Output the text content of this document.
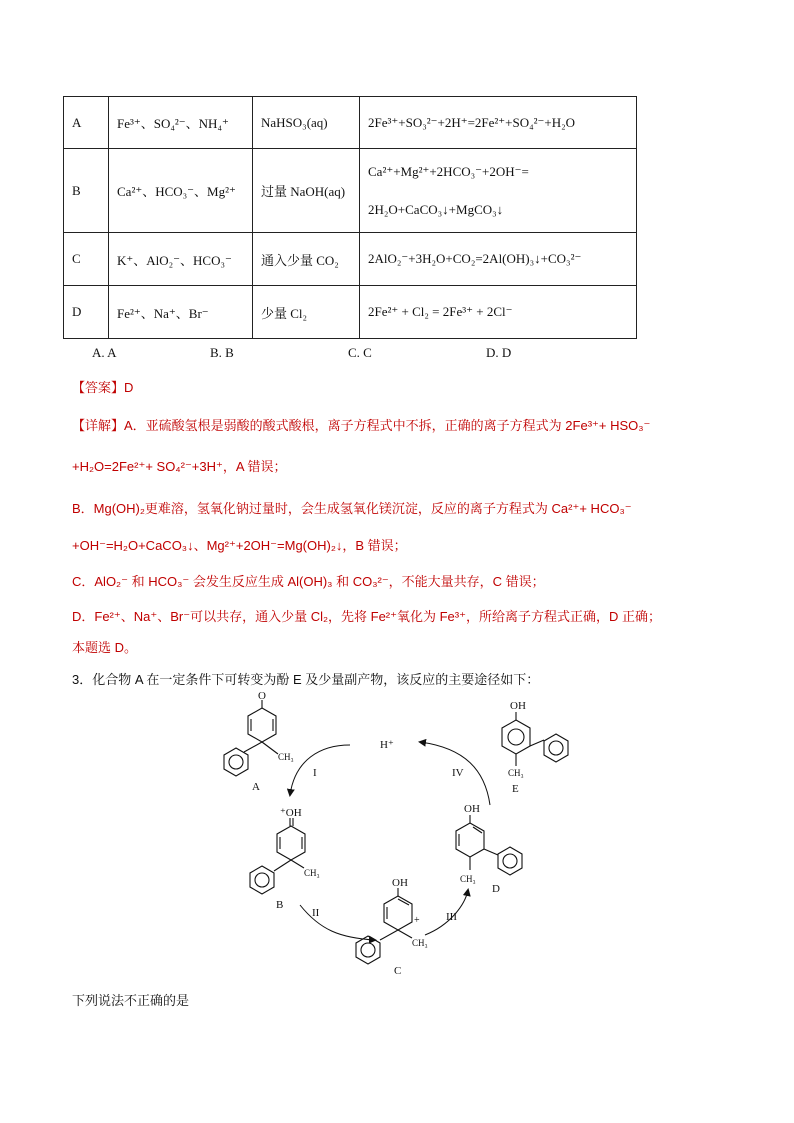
A	Fe³⁺、SO₄²⁻、NH₄⁺	NaHSO₃(aq)	2Fe³⁺+SO₃²⁻+2H⁺=2Fe²⁺+SO₄²⁻+H₂O
B	Ca²⁺、HCO₃⁻、Mg²⁺	过量 NaOH(aq)	Ca²⁺+Mg²⁺+2HCO₃⁻+2OH⁻=
2H₂O+CaCO₃↓+MgCO₃↓

C	K⁺、AlO₂⁻、HCO₃⁻	通入少量 CO₂	2AlO₂⁻+3H₂O+CO₂=2Al(OH)₃↓+CO₃²⁻
D	Fe²⁺、Na⁺、Br⁻	少量 Cl₂	2Fe²⁺ + Cl₂ = 2Fe³⁺ + 2Cl⁻
A. A	B. B	C. C	D. D
【答案】D
【详解】A．亚硫酸氢根是弱酸的酸式酸根，离子方程式中不拆，正确的离子方程式为 2Fe³⁺+ HSO₃⁻
+H₂O=2Fe²⁺+ SO₄²⁻+3H⁺，A 错误；
B．Mg(OH)₂更难溶，氢氧化钠过量时，会生成氢氧化镁沉淀，反应的离子方程式为 Ca²⁺+ HCO₃⁻
+OH⁻=H₂O+CaCO₃↓、Mg²⁺+2OH⁻=Mg(OH)₂↓，B 错误；
C．AlO₂⁻ 和 HCO₃⁻ 会发生反应生成 Al(OH)₃ 和 CO₃²⁻，不能大量共存，C 错误；
D．Fe²⁺、Na⁺、Br⁻可以共存，通入少量 Cl₂，先将 Fe²⁺氧化为 Fe³⁺，所给离子方程式正确，D 正确；
本题选 D。
3．化合物 A 在一定条件下可转变为酚 E 及少量副产物，该反应的主要途径如下：
O
CH₃
A
⁺OH
CH₃
B
OH
+
CH₃
C
OH
CH₃
D
OH
CH₃
E
H⁺
I
II	III
IV
下列说法不正确的是
